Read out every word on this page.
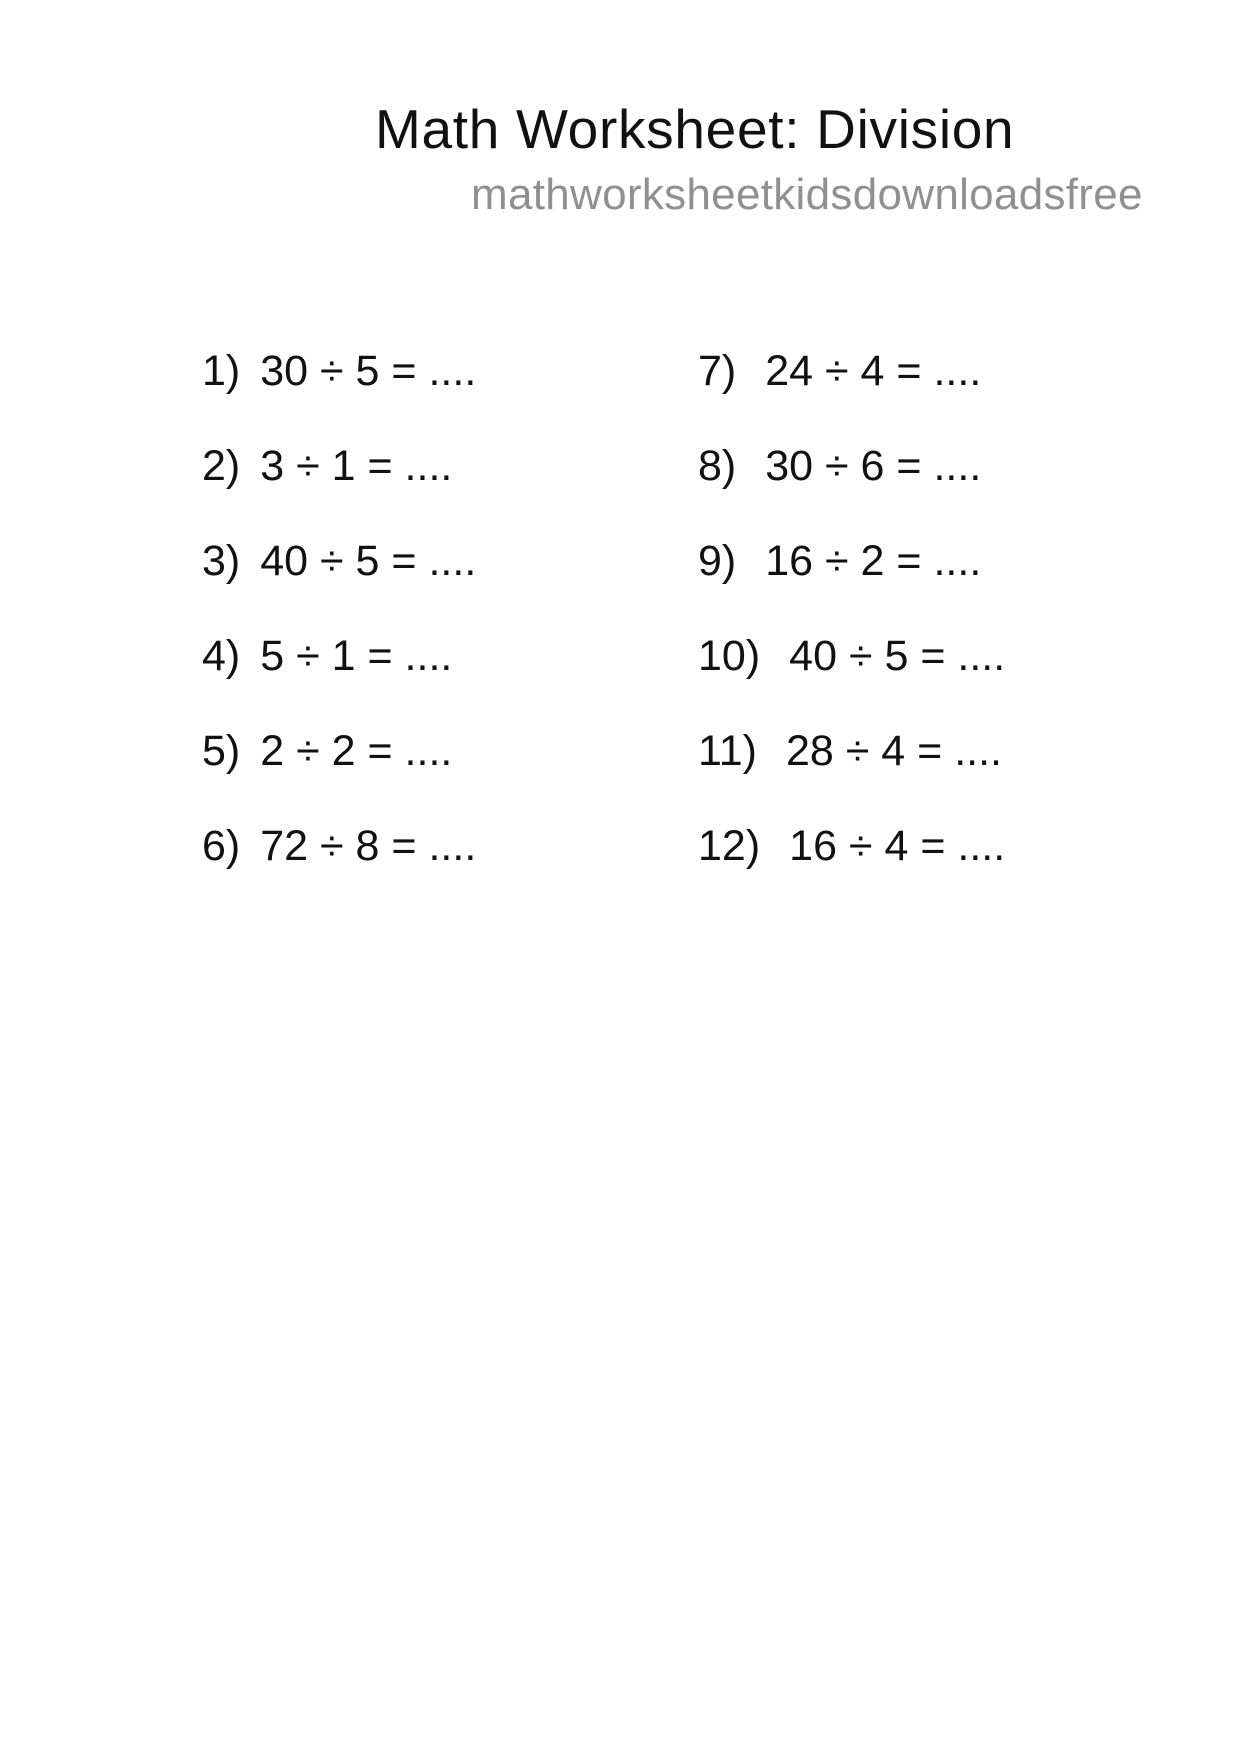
Math Worksheet: Division
mathworksheetkidsdownloadsfree
1) 30 ÷ 5 = ....
2) 3 ÷ 1 = ....
3) 40 ÷ 5 = ....
4) 5 ÷ 1 = ....
5) 2 ÷ 2 = ....
6) 72 ÷ 8 = ....
7) 24 ÷ 4 = ....
8) 30 ÷ 6 = ....
9) 16 ÷ 2 = ....
10) 40 ÷ 5 = ....
11) 28 ÷ 4 = ....
12) 16 ÷ 4 = ....
